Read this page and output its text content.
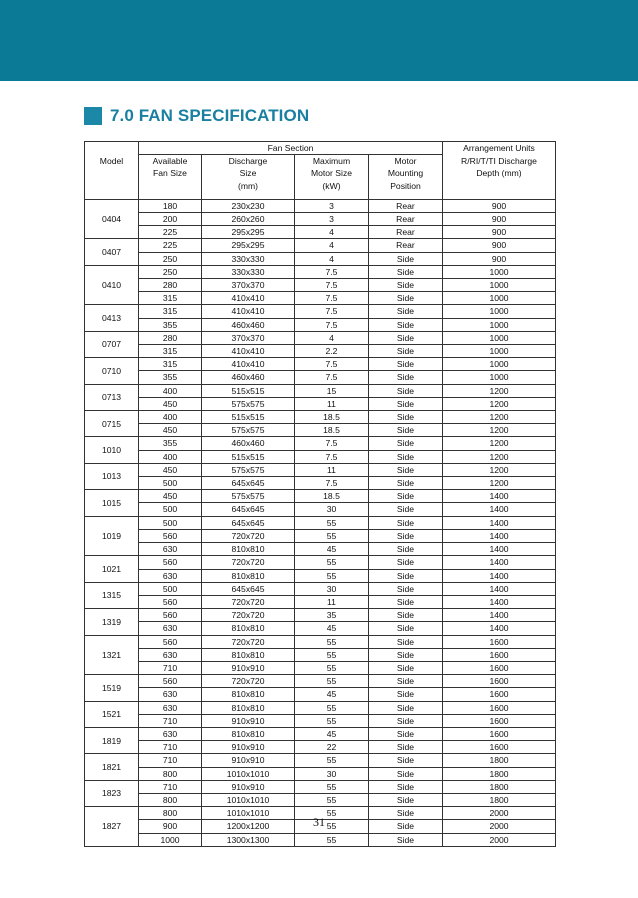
7.0 FAN SPECIFICATION
	Fan Section				Arrangement Units
Model	Available	Discharge	Maximum	Motor	R/RI/T/TI Discharge
	Fan Size	Size	Motor Size	Mounting	Depth (mm)
		(mm)	(kW)	Position	

0404	180	230x230	3	Rear	900
	200	260x260	3	Rear	900
	225	295x295	4	Rear	900
0407	225	295x295	4	Rear	900
	250	330x330	4	Side	900
0410	250	330x330	7.5	Side	1000
	280	370x370	7.5	Side	1000
	315	410x410	7.5	Side	1000
0413	315	410x410	7.5	Side	1000
	355	460x460	7.5	Side	1000
0707	280	370x370	4	Side	1000
	315	410x410	2.2	Side	1000
0710	315	410x410	7.5	Side	1000
	355	460x460	7.5	Side	1000
0713	400	515x515	15	Side	1200
	450	575x575	11	Side	1200
0715	400	515x515	18.5	Side	1200
	450	575x575	18.5	Side	1200
1010	355	460x460	7.5	Side	1200
	400	515x515	7.5	Side	1200
1013	450	575x575	11	Side	1200
	500	645x645	7.5	Side	1200
1015	450	575x575	18.5	Side	1400
	500	645x645	30	Side	1400
1019	500	645x645	55	Side	1400
	560	720x720	55	Side	1400
	630	810x810	45	Side	1400
1021	560	720x720	55	Side	1400
	630	810x810	55	Side	1400
1315	500	645x645	30	Side	1400
	560	720x720	11	Side	1400
1319	560	720x720	35	Side	1400
	630	810x810	45	Side	1400
1321	560	720x720	55	Side	1600
	630	810x810	55	Side	1600
	710	910x910	55	Side	1600
1519	560	720x720	55	Side	1600
	630	810x810	45	Side	1600
1521	630	810x810	55	Side	1600
	710	910x910	55	Side	1600
1819	630	810x810	45	Side	1600
	710	910x910	22	Side	1600
1821	710	910x910	55	Side	1800
	800	1010x1010	30	Side	1800
1823	710	910x910	55	Side	1800
	800	1010x1010	55	Side	1800
1827	800	1010x1010	55	Side	2000
	900	1200x1200	55	Side	2000
	1000	1300x1300	55	Side	2000
31
